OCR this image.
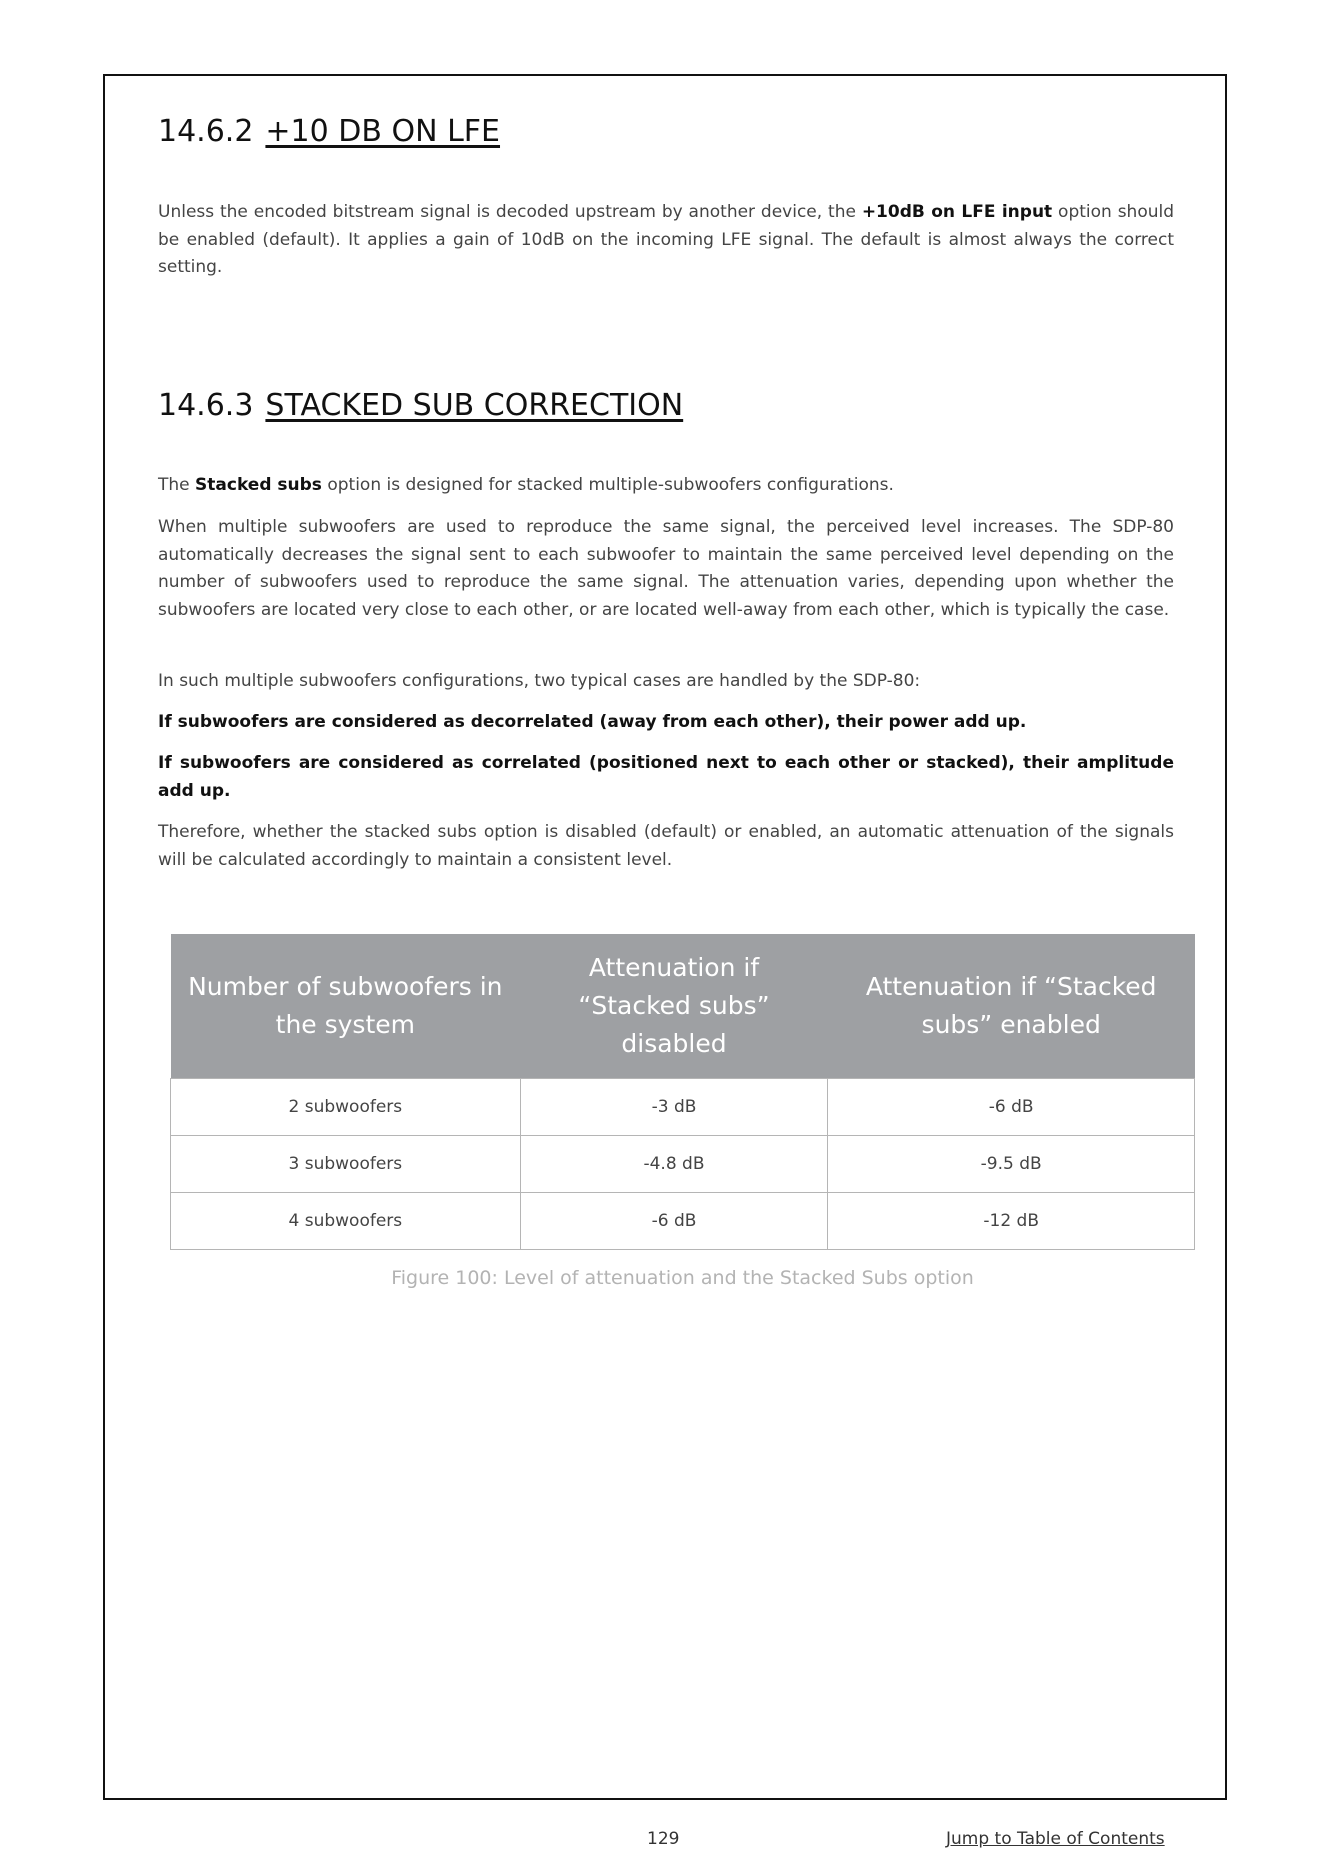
14.6.2 +10 DB ON LFE

Unless the encoded bitstream signal is decoded upstream by another device, the +10dB on LFE input option should be enabled (default). It applies a gain of 10dB on the incoming LFE signal. The default is almost always the correct setting.

14.6.3 STACKED SUB CORRECTION

The Stacked subs option is designed for stacked multiple-subwoofers configurations.

When multiple subwoofers are used to reproduce the same signal, the perceived level increases. The SDP-80 automatically decreases the signal sent to each subwoofer to maintain the same perceived level depending on the number of subwoofers used to reproduce the same signal. The attenuation varies, depending upon whether the subwoofers are located very close to each other, or are located well-away from each other, which is typically the case.

In such multiple subwoofers configurations, two typical cases are handled by the SDP-80:

If subwoofers are considered as decorrelated (away from each other), their power add up.

If subwoofers are considered as correlated (positioned next to each other or stacked), their amplitude add up.

Therefore, whether the stacked subs option is disabled (default) or enabled, an automatic attenuation of the signals will be calculated accordingly to maintain a consistent level.

Number of subwoofers in the system	Attenuation if “Stacked subs” disabled	Attenuation if “Stacked subs” enabled
2 subwoofers	-3 dB	-6 dB
3 subwoofers	-4.8 dB	-9.5 dB
4 subwoofers	-6 dB	-12 dB

Figure 100: Level of attenuation and the Stacked Subs option

129	Jump to Table of Contents
